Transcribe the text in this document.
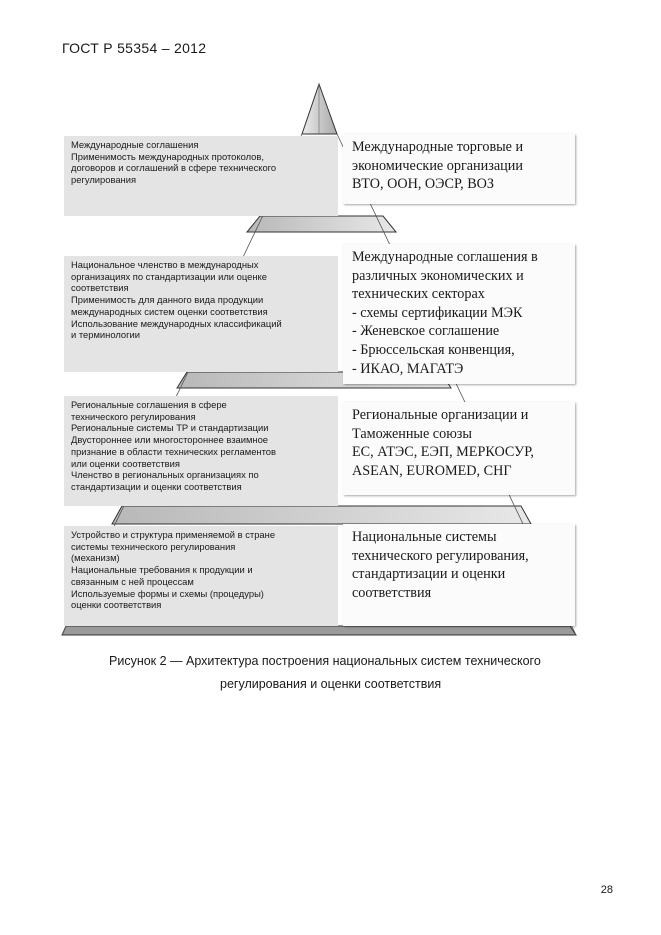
ГОСТ Р 55354 – 2012
Международные соглашения
Применимость международных протоколов,
договоров и соглашений в сфере технического
регулирования
Международные торговые и
экономические организации
ВТО, ООН, ОЭСР, ВОЗ
Национальное членство в международных
организациях по стандартизации или оценке
соответствия
Применимость для данного вида продукции
международных систем оценки соответствия
Использование международных классификаций
и терминологии
Международные соглашения в
различных экономических и
технических секторах
- схемы сертификации МЭК
- Женевское соглашение
- Брюссельская конвенция,
- ИКАО, МАГАТЭ
Региональные соглашения в сфере
технического регулирования
Региональные системы ТР и стандартизации
Двустороннее или многостороннее взаимное
признание в области технических регламентов
или оценки соответствия
Членство в региональных организациях по
стандартизации и оценки соответствия
Региональные организации и
Таможенные союзы
ЕС, АТЭС, ЕЭП, МЕРКОСУР,
ASEAN, EUROMED, СНГ
Устройство и структура применяемой в стране
системы технического регулирования
(механизм)
Национальные требования к продукции и
связанным с ней процессам
Используемые формы и схемы (процедуры)
оценки соответствия
Национальные системы
технического регулирования,
стандартизации и оценки
соответствия
Рисунок 2 — Архитектура построения национальных систем технического
регулирования и оценки соответствия
28
